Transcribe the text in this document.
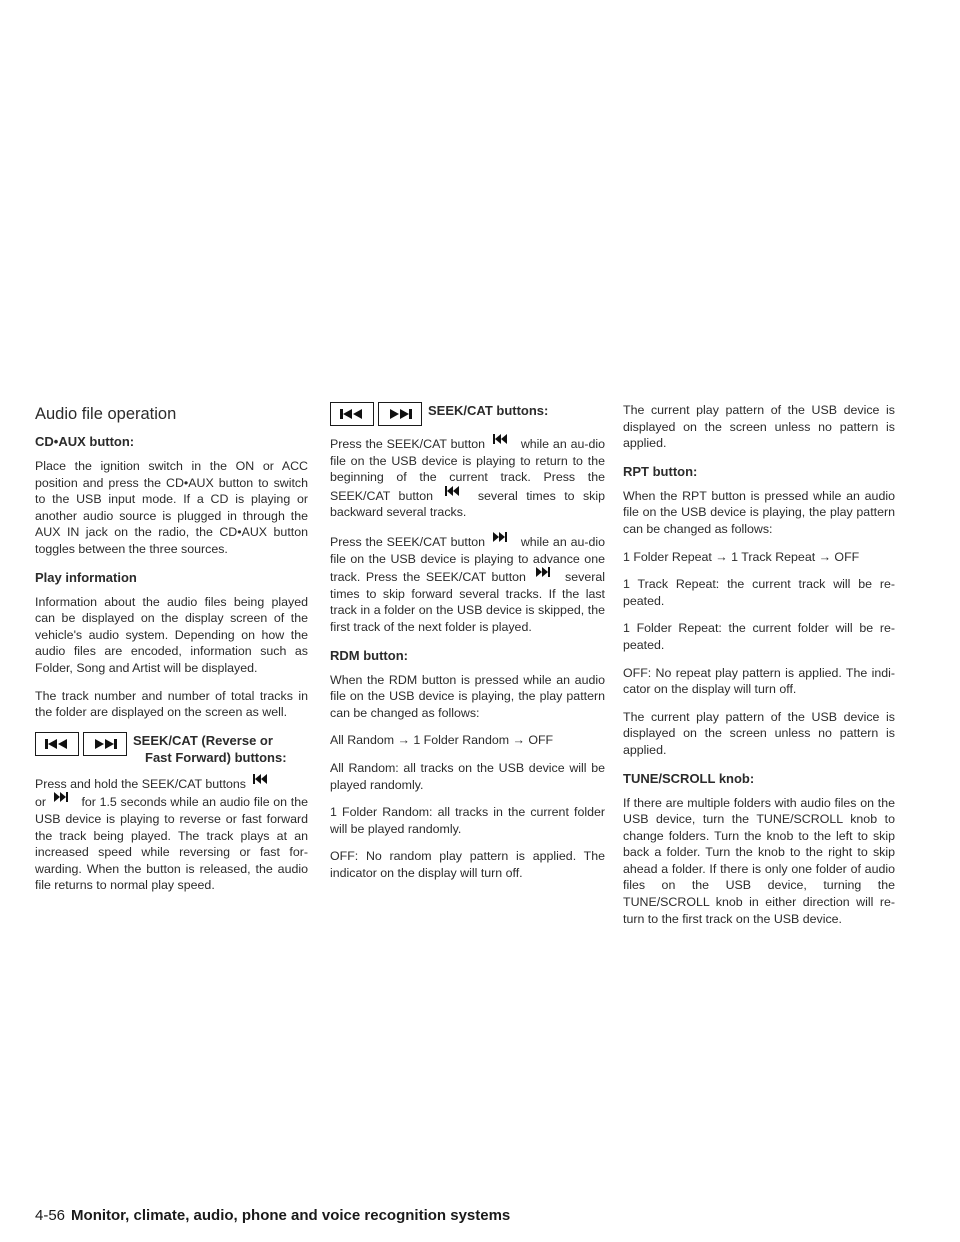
Audio file operation
CD•AUX button:

Place the ignition switch in the ON or ACC position and press the CD•AUX button to switch to the USB input mode. If a CD is playing or another audio source is plugged in through the AUX IN jack on the radio, the CD•AUX button toggles between the three sources.

Play information

Information about the audio files being played can be displayed on the display screen of the vehicle's audio system. Depending on how the audio files are encoded, information such as Folder, Song and Artist will be displayed.

The track number and number of total tracks in the folder are displayed on the screen as well.

SEEK/CAT (Reverse or
Fast Forward) buttons:

Press and hold the SEEK/CAT buttons
or	for 1.5 seconds while an audio file on the USB device is playing to reverse or fast forward the track being played. The track plays at an increased speed while reversing or fast for-warding. When the button is released, the audio file returns to normal play speed.

SEEK/CAT buttons:

Press the SEEK/CAT button	while an au-dio file on the USB device is playing to return to the beginning of the current track. Press the SEEK/CAT button	several times to skip backward several tracks.

Press the SEEK/CAT button	while an au-dio file on the USB device is playing to advance one track. Press the SEEK/CAT button	several times to skip forward several tracks. If the last track in a folder on the USB device is skipped, the first track of the next folder is played.

RDM button:

When the RDM button is pressed while an audio file on the USB device is playing, the play pattern can be changed as follows:

All Random → 1 Folder Random → OFF

All Random: all tracks on the USB device will be played randomly.

1 Folder Random: all tracks in the current folder will be played randomly.

OFF: No random play pattern is applied. The indicator on the display will turn off.

The current play pattern of the USB device is displayed on the screen unless no pattern is applied.

RPT button:

When the RPT button is pressed while an audio file on the USB device is playing, the play pattern can be changed as follows:

1 Folder Repeat → 1 Track Repeat → OFF

1 Track Repeat: the current track will be re-peated.

1 Folder Repeat: the current folder will be re-peated.

OFF: No repeat play pattern is applied. The indi-cator on the display will turn off.

The current play pattern of the USB device is displayed on the screen unless no pattern is applied.

TUNE/SCROLL knob:

If there are multiple folders with audio files on the USB device, turn the TUNE/SCROLL knob to change folders. Turn the knob to the left to skip back a folder. Turn the knob to the right to skip ahead a folder. If there is only one folder of audio files on the USB device, turning the TUNE/SCROLL knob in either direction will re-turn to the first track on the USB device.

4-56 Monitor, climate, audio, phone and voice recognition systems
